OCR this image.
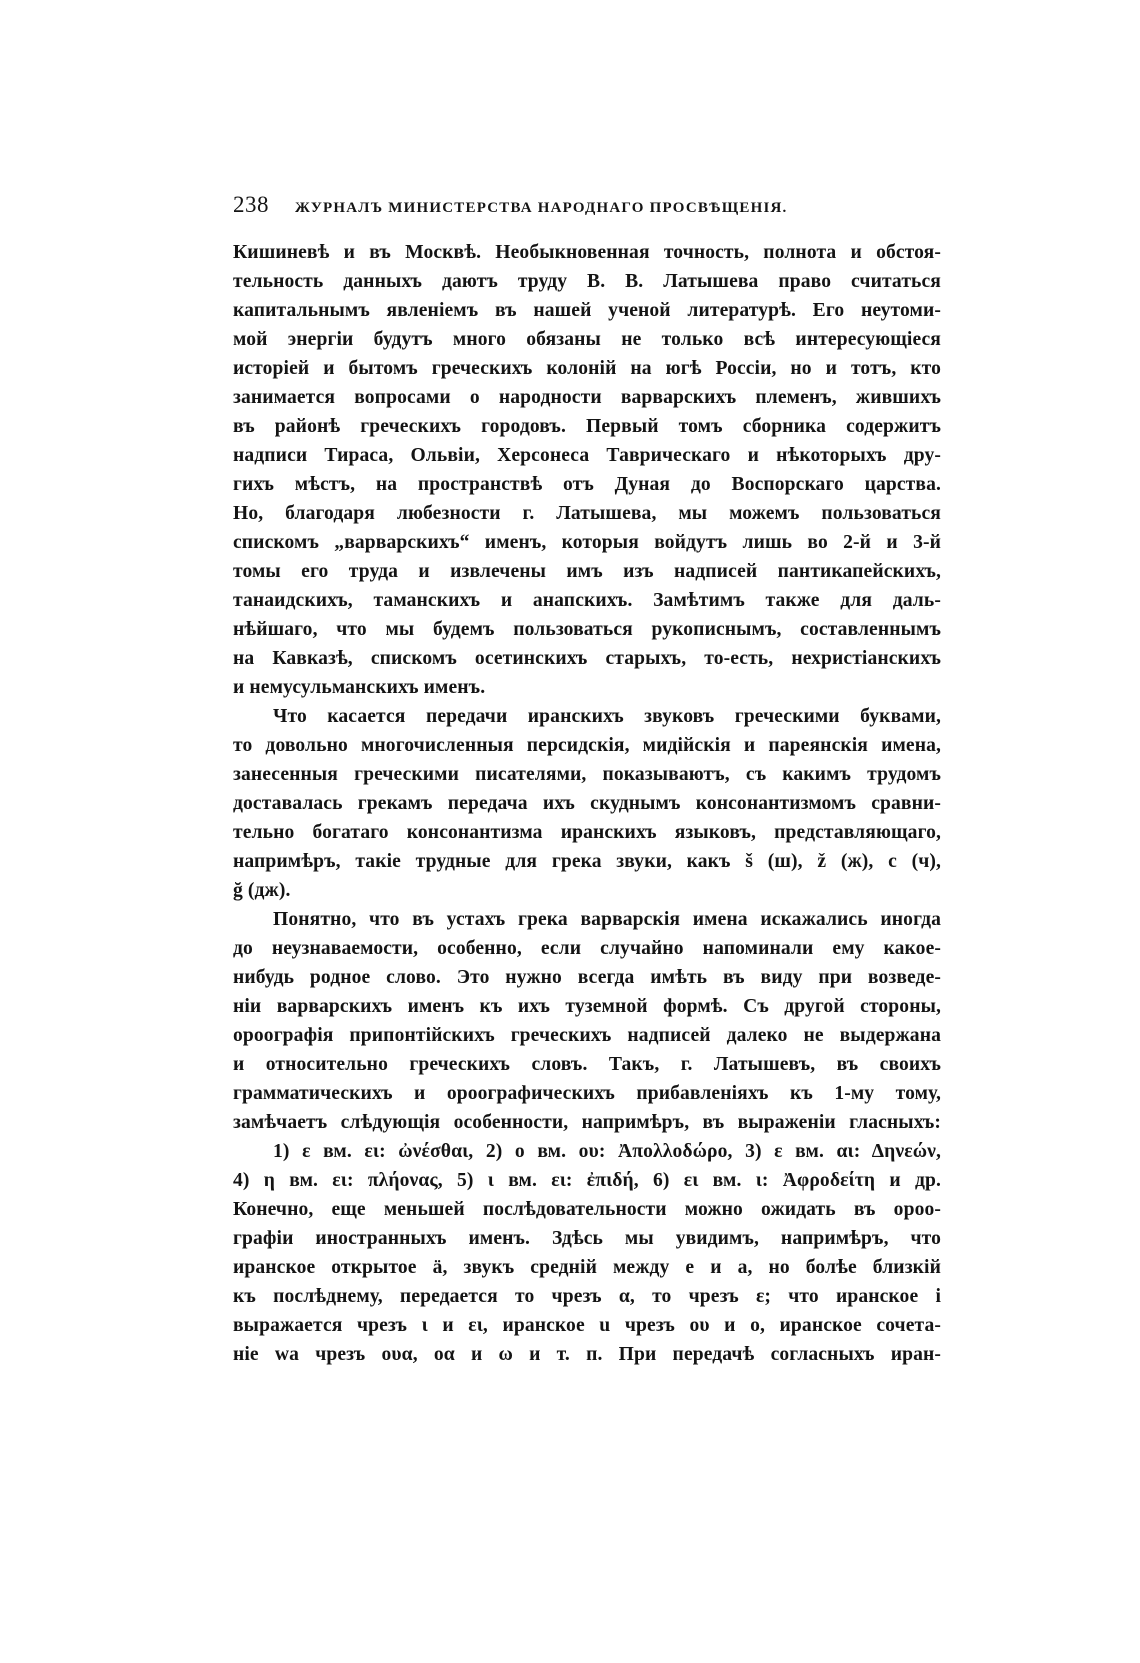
238 ЖУРНАЛЪ МИНИСТЕРСТВА НАРОДНАГО ПРОСВѢЩЕНІЯ.
Кишиневѣ и въ Москвѣ. Необыкновенная точность, полнота и обстоя-
тельность данныхъ даютъ труду В. В. Латышева право считаться
капитальнымъ явленіемъ въ нашей ученой литературѣ. Его неутоми-
мой энергіи будутъ много обязаны не только всѣ интересующіеся
исторіей и бытомъ греческихъ колоній на югѣ Россіи, но и тотъ, кто
занимается вопросами о народности варварскихъ племенъ, жившихъ
въ районѣ греческихъ городовъ. Первый томъ сборника содержитъ
надписи Тираса, Ольвіи, Херсонеса Таврическаго и нѣкоторыхъ дру-
гихъ мѣстъ, на пространствѣ отъ Дуная до Воспорскаго царства.
Но, благодаря любезности г. Латышева, мы можемъ пользоваться
спискомъ „варварскихъ“ именъ, которыя войдутъ лишь во 2-й и 3-й
томы его труда и извлечены имъ изъ надписей пантикапейскихъ,
танаидскихъ, таманскихъ и анапскихъ. Замѣтимъ также для даль-
нѣйшаго, что мы будемъ пользоваться рукописнымъ, составленнымъ
на Кавказѣ, спискомъ осетинскихъ старыхъ, то-есть, нехристіанскихъ
и немусульманскихъ именъ.
Что касается передачи иранскихъ звуковъ греческими буквами,
то довольно многочисленныя персидскія, мидійскія и пареянскія имена,
занесенныя греческими писателями, показываютъ, съ какимъ трудомъ
доставалась грекамъ передача ихъ скуднымъ консонантизмомъ сравни-
тельно богатаго консонантизма иранскихъ языковъ, представляющаго,
напримѣръ, такіе трудные для грека звуки, какъ š (ш), ž (ж), c (ч),
ğ (дж).
Понятно, что въ устахъ грека варварскія имена искажались иногда
до неузнаваемости, особенно, если случайно напоминали ему какое-
нибудь родное слово. Это нужно всегда имѣть въ виду при возведе-
ніи варварскихъ именъ къ ихъ туземной формѣ. Съ другой стороны,
ороографія припонтійскихъ греческихъ надписей далеко не выдержана
и относительно греческихъ словъ. Такъ, г. Латышевъ, въ своихъ
грамматическихъ и ороографическихъ прибавленіяхъ къ 1-му тому,
замѣчаетъ слѣдующія особенности, напримѣръ, въ выраженіи гласныхъ:
1) ε вм. ει: ὠνέσθαι, 2) ο вм. ου: Ἀπολλοδώρο, 3) ε вм. αι: Δηνεών,
4) η вм. ει: πλήονας, 5) ι вм. ει: ἐπιδή, 6) ει вм. ι: Ἀφροδείτη и др.
Конечно, еще меньшей послѣдовательности можно ожидать въ ороо-
графіи иностранныхъ именъ. Здѣсь мы увидимъ, напримѣръ, что
иранское открытое ä, звукъ средній между е и а, но болѣе близкій
къ послѣднему, передается то чрезъ α, то чрезъ ε; что иранское i
выражается чрезъ ι и ει, иранское u чрезъ ου и ο, иранское сочета-
ніе wa чрезъ ουα, οα и ω и т. п. При передачѣ согласныхъ иран-
